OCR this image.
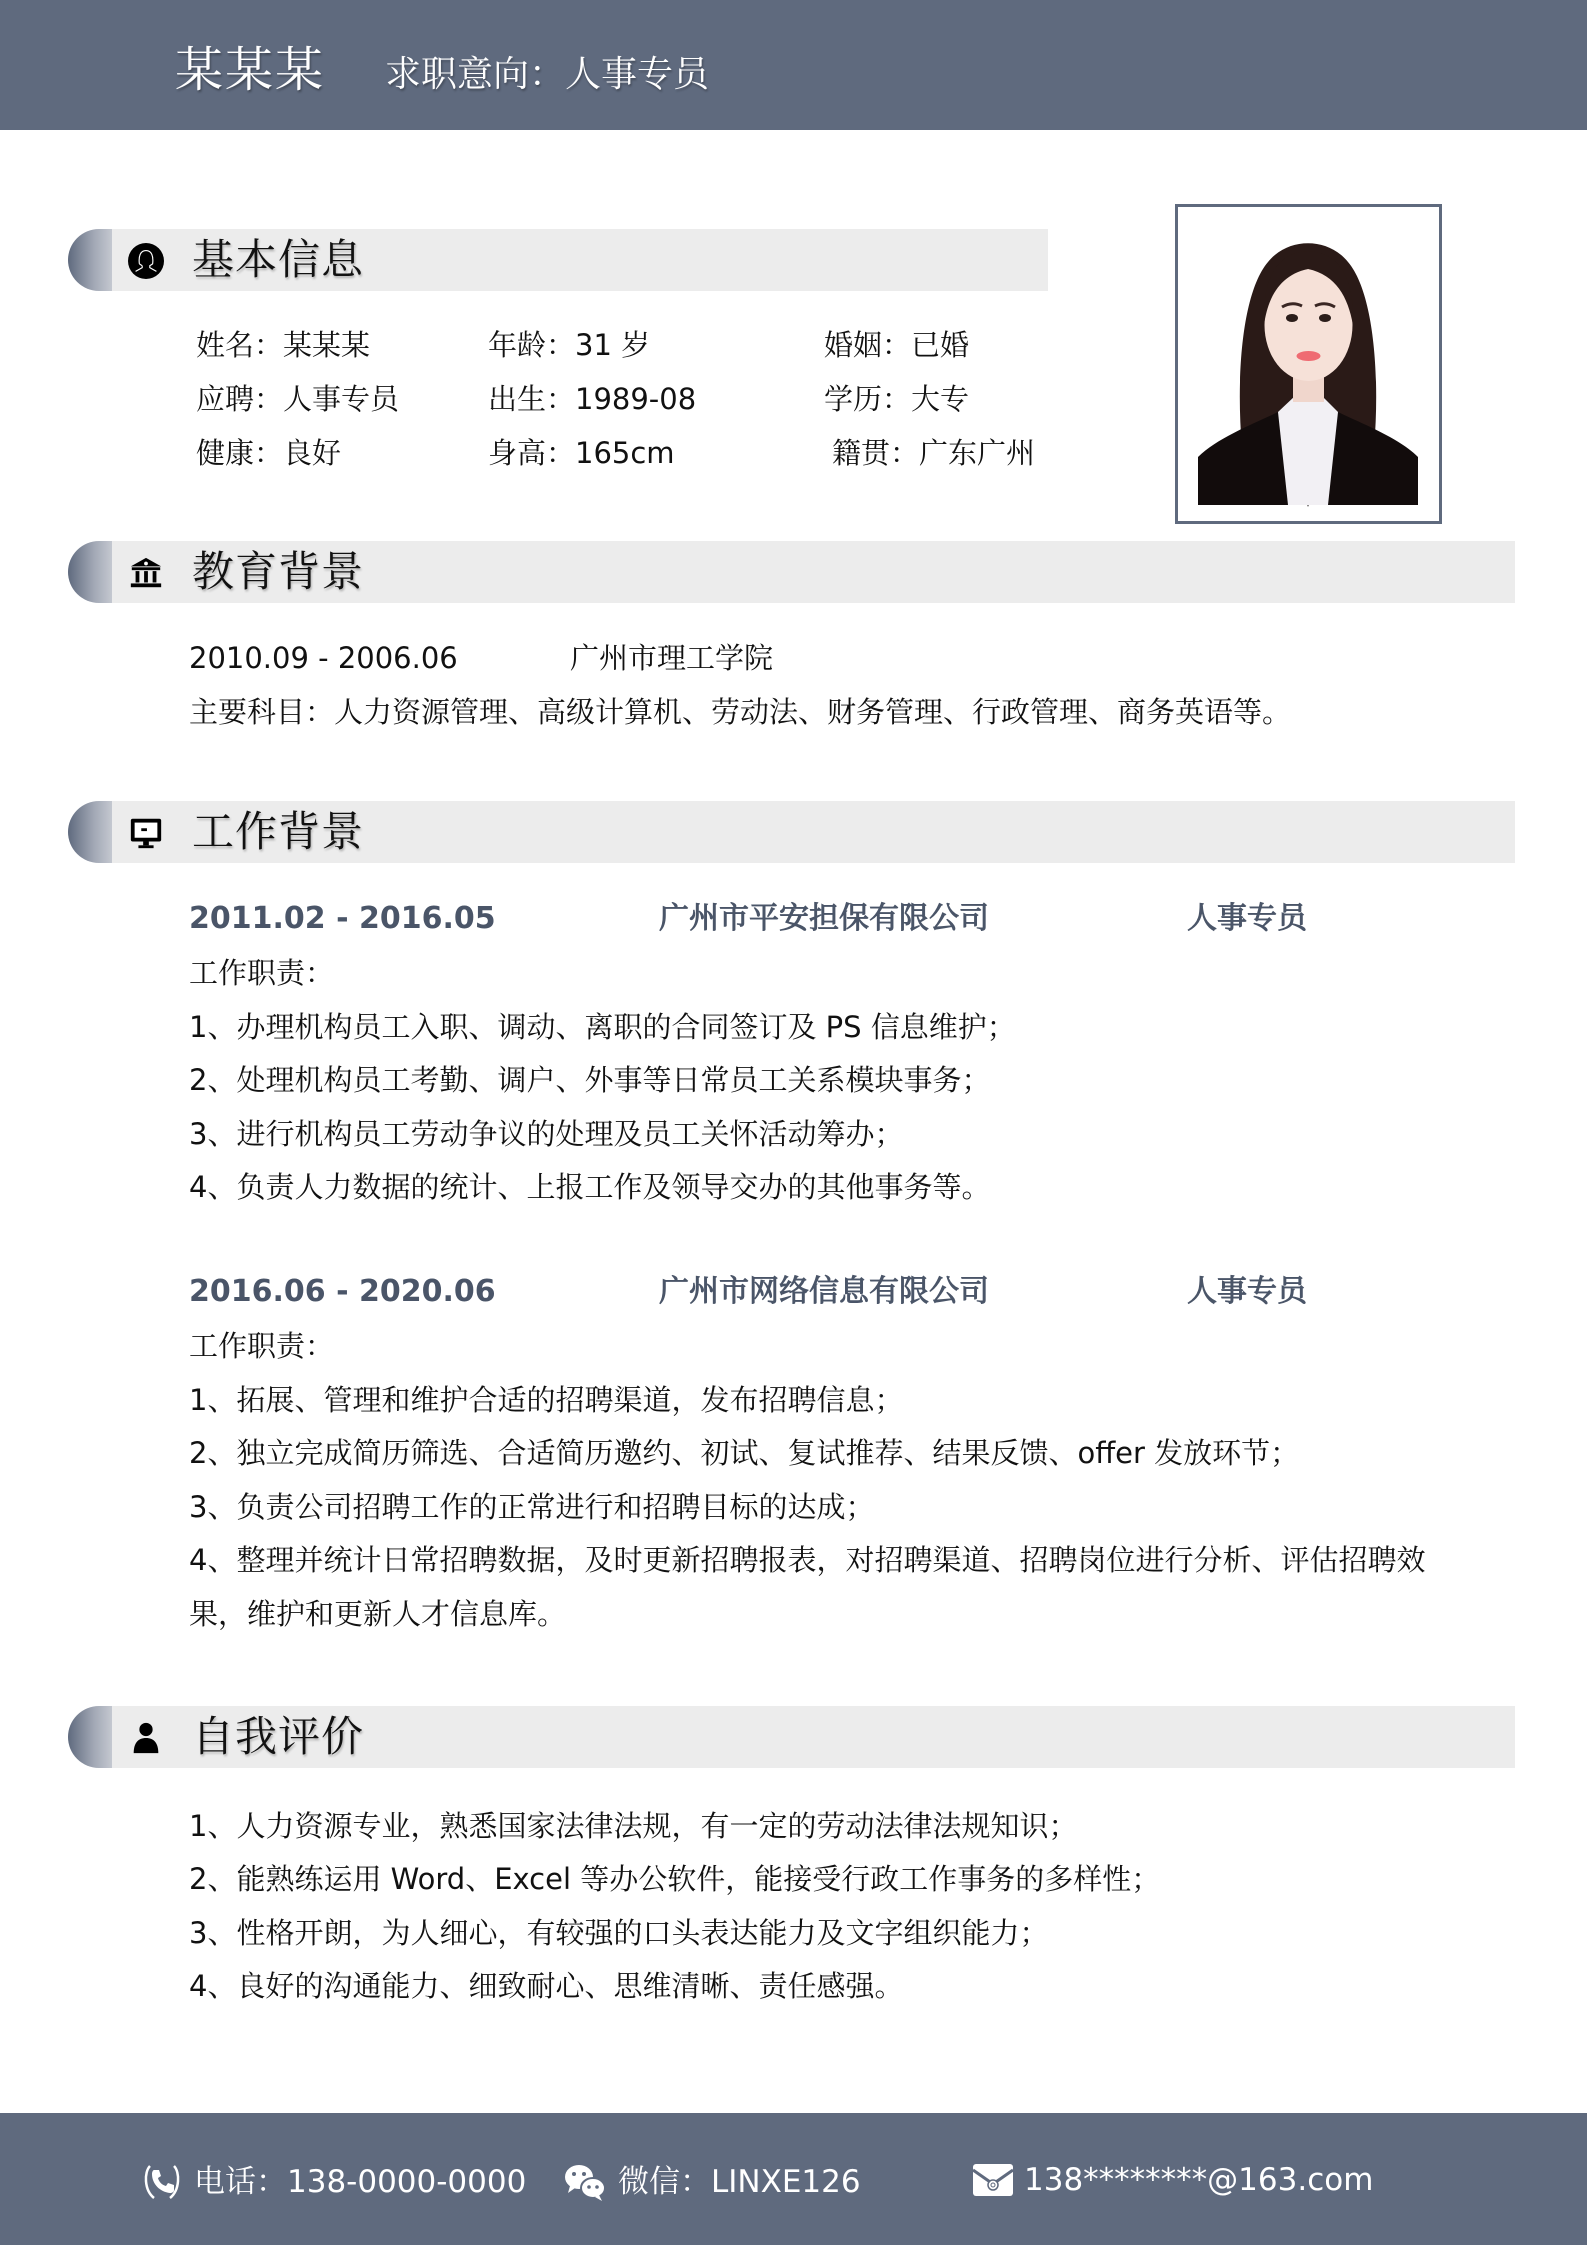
某某某 求职意向：人事专员
基本信息
姓名：某某某	年龄：31 岁	婚姻：已婚
应聘：人事专员	出生：1989-08	学历：大专
健康：良好	身高：165cm	籍贯：广东广州
教育背景
2010.09 - 2006.06	广州市理工学院
主要科目：人力资源管理、高级计算机、劳动法、财务管理、行政管理、商务英语等。
工作背景
2011.02 - 2016.05	广州市平安担保有限公司	人事专员
工作职责：
1、办理机构员工入职、调动、离职的合同签订及 PS 信息维护；
2、处理机构员工考勤、调户、外事等日常员工关系模块事务；
3、进行机构员工劳动争议的处理及员工关怀活动筹办；
4、负责人力数据的统计、上报工作及领导交办的其他事务等。
2016.06 - 2020.06	广州市网络信息有限公司	人事专员
工作职责：
1、拓展、管理和维护合适的招聘渠道，发布招聘信息；
2、独立完成简历筛选、合适简历邀约、初试、复试推荐、结果反馈、offer 发放环节；
3、负责公司招聘工作的正常进行和招聘目标的达成；
4、整理并统计日常招聘数据，及时更新招聘报表，对招聘渠道、招聘岗位进行分析、评估招聘效
果，维护和更新人才信息库。
自我评价
1、人力资源专业，熟悉国家法律法规，有一定的劳动法律法规知识；
2、能熟练运用 Word、Excel 等办公软件，能接受行政工作事务的多样性；
3、性格开朗，为人细心，有较强的口头表达能力及文字组织能力；
4、良好的沟通能力、细致耐心、思维清晰、责任感强。
电话：138-0000-0000	微信：LINXE126	138********@163.com
